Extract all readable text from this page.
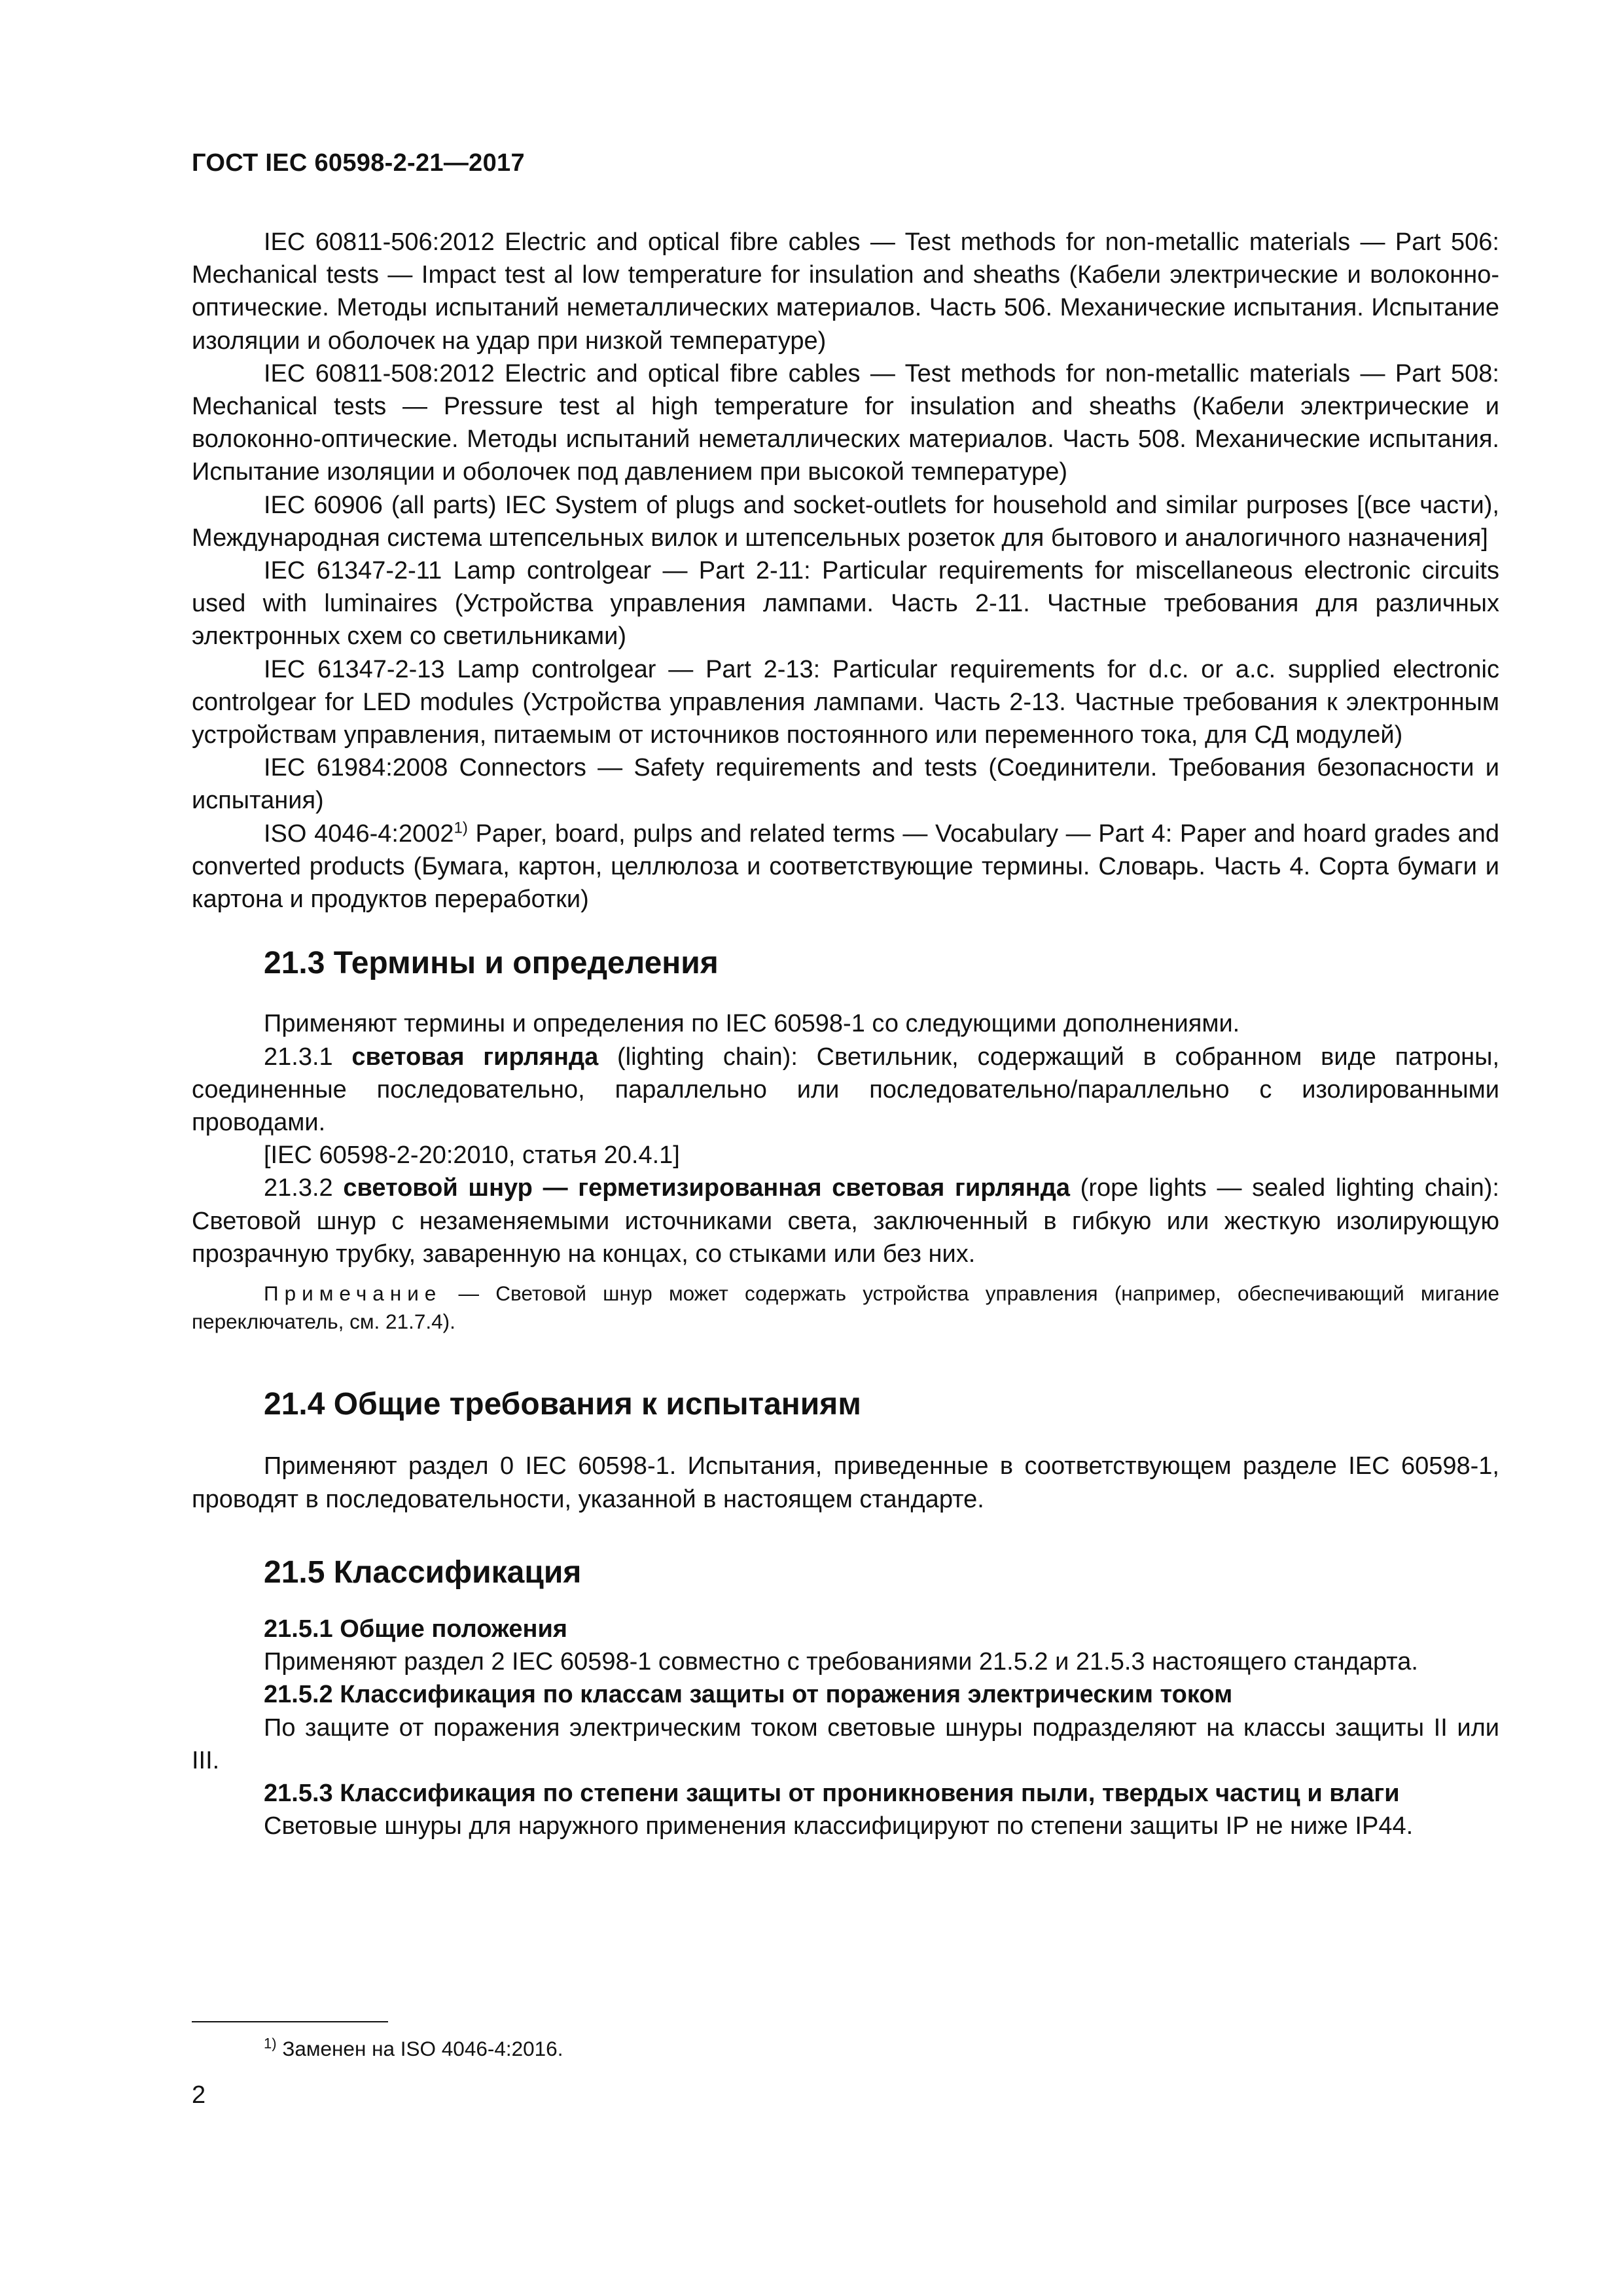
ГОСТ IEC 60598-2-21—2017

IEC 60811-506:2012 Electric and optical fibre cables — Test methods for non-metallic materials — Part 506: Mechanical tests — Impact test al low temperature for insulation and sheaths (Кабели электрические и волоконно-оптические. Методы испытаний неметаллических материалов. Часть 506. Механические испытания. Испытание изоляции и оболочек на удар при низкой температуре)

IEC 60811-508:2012 Electric and optical fibre cables — Test methods for non-metallic materials — Part 508: Mechanical tests — Pressure test al high temperature for insulation and sheaths (Кабели электрические и волоконно-оптические. Методы испытаний неметаллических материалов. Часть 508. Механические испытания. Испытание изоляции и оболочек под давлением при высокой температуре)

IEC 60906 (all parts) IEC System of plugs and socket-outlets for household and similar purposes [(все части), Международная система штепсельных вилок и штепсельных розеток для бытового и аналогичного назначения]

IEC 61347-2-11 Lamp controlgear — Part 2-11: Particular requirements for miscellaneous electronic circuits used with luminaires (Устройства управления лампами. Часть 2-11. Частные требования для различных электронных схем со светильниками)

IEC 61347-2-13 Lamp controlgear — Part 2-13: Particular requirements for d.c. or a.c. supplied electronic controlgear for LED modules (Устройства управления лампами. Часть 2-13. Частные требования к электронным устройствам управления, питаемым от источников постоянного или переменного тока, для СД модулей)

IEC 61984:2008 Connectors — Safety requirements and tests (Соединители. Требования безопасности и испытания)

ISO 4046-4:2002$^{1)}$ Paper, board, pulps and related terms — Vocabulary — Part 4: Paper and hoard grades and converted products (Бумага, картон, целлюлоза и соответствующие термины. Словарь. Часть 4. Сорта бумаги и картона и продуктов переработки)

21.3 Термины и определения

Применяют термины и определения по IEC 60598-1 со следующими дополнениями.

21.3.1 световая гирлянда (lighting chain): Светильник, содержащий в собранном виде патроны, соединенные последовательно, параллельно или последовательно/параллельно с изолированными проводами.

[IEC 60598-2-20:2010, статья 20.4.1]

21.3.2 световой шнур — герметизированная световая гирлянда (rope lights — sealed lighting chain): Световой шнур с незаменяемыми источниками света, заключенный в гибкую или жесткую изолирующую прозрачную трубку, заваренную на концах, со стыками или без них.

Примечание — Световой шнур может содержать устройства управления (например, обеспечивающий мигание переключатель, см. 21.7.4).

21.4 Общие требования к испытаниям

Применяют раздел 0 IEC 60598-1. Испытания, приведенные в соответствующем разделе IEC 60598-1, проводят в последовательности, указанной в настоящем стандарте.

21.5 Классификация
21.5.1 Общие положения

Применяют раздел 2 IEC 60598-1 совместно с требованиями 21.5.2 и 21.5.3 настоящего стандарта.

21.5.2 Классификация по классам защиты от поражения электрическим током

По защите от поражения электрическим током световые шнуры подразделяют на классы защиты II или III.

21.5.3 Классификация по степени защиты от проникновения пыли, твердых частиц и влаги

Световые шнуры для наружного применения классифицируют по степени защиты IP не ниже IP44.

$^{1)}$ Заменен на ISO 4046-4:2016.
2
